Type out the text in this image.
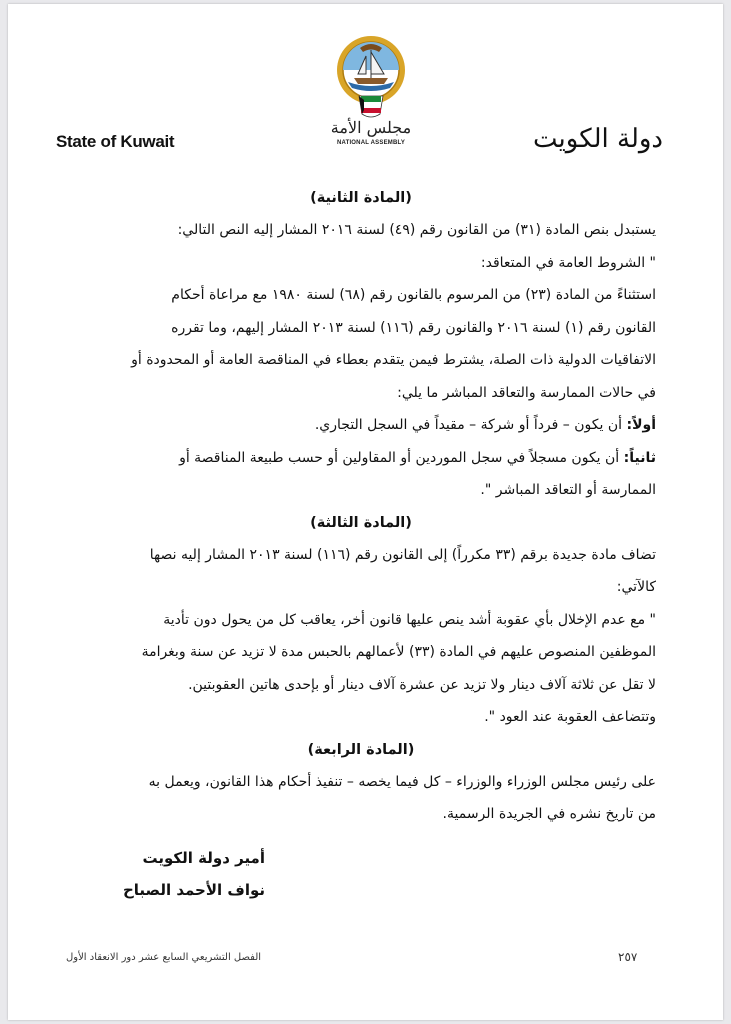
مجلس الأمة
NATIONAL ASSEMBLY
State of Kuwait	دولة الكويت
(المادة الثانية)
يستبدل بنص المادة (٣١) من القانون رقم (٤٩) لسنة ٢٠١٦ المشار إليه النص التالي:
" الشروط العامة في المتعاقد:
استثناءً من المادة (٢٣) من المرسوم بالقانون رقم (٦٨) لسنة ١٩٨٠ مع مراعاة أحكام
القانون رقم (١) لسنة ٢٠١٦ والقانون رقم (١١٦) لسنة ٢٠١٣ المشار إليهم، وما تقرره
الاتفاقيات الدولية ذات الصلة، يشترط فيمن يتقدم بعطاء في المناقصة العامة أو المحدودة أو
في حالات الممارسة والتعاقد المباشر ما يلي:
أولاً: أن يكون – فرداً أو شركة – مقيداً في السجل التجاري.
ثانياً: أن يكون مسجلاً في سجل الموردين أو المقاولين أو حسب طبيعة المناقصة أو
الممارسة أو التعاقد المباشر ".
(المادة الثالثة)
تضاف مادة جديدة برقم (٣٣ مكرراً) إلى القانون رقم (١١٦) لسنة ٢٠١٣ المشار إليه نصها
كالآتي:
" مع عدم الإخلال بأي عقوبة أشد ينص عليها قانون أخر، يعاقب كل من يحول دون تأدية
الموظفين المنصوص عليهم في المادة (٣٣) لأعمالهم بالحبس مدة لا تزيد عن سنة وبغرامة
لا تقل عن ثلاثة آلاف دينار ولا تزيد عن عشرة آلاف دينار أو بإحدى هاتين العقوبتين.
وتتضاعف العقوبة عند العود ".
(المادة الرابعة)
على رئيس مجلس الوزراء والوزراء – كل فيما يخصه – تنفيذ أحكام هذا القانون، ويعمل به
من تاريخ نشره في الجريدة الرسمية.
أمير دولة الكويت
نواف الأحمد الصباح
الفصل التشريعي السابع عشر دور الانعقاد الأول	٢٥٧
